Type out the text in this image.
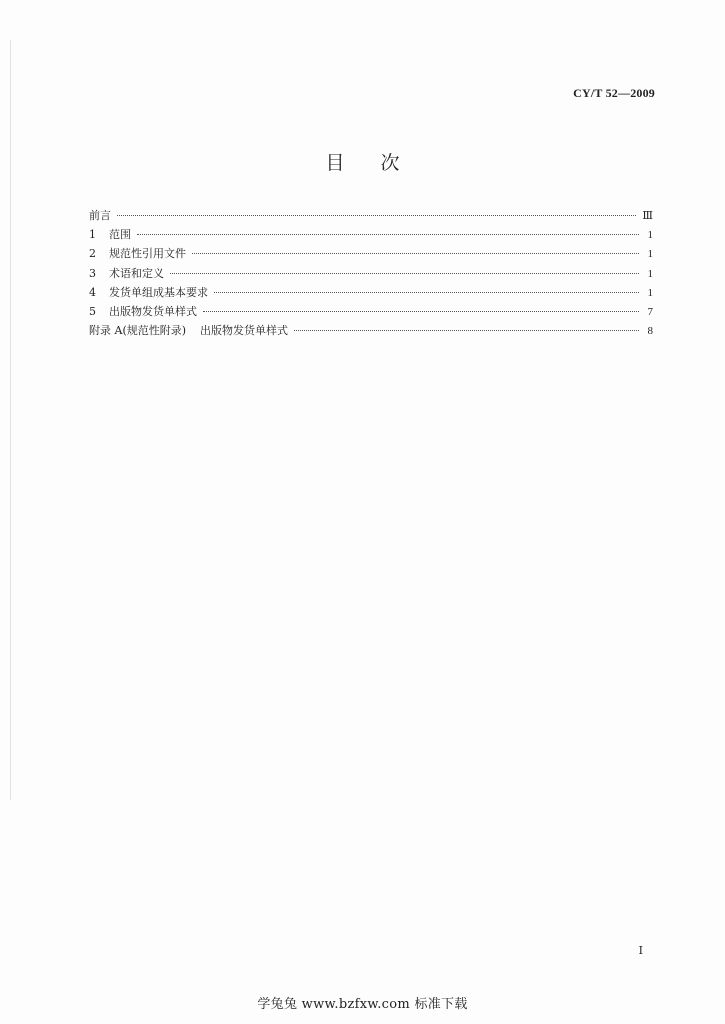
CY/T 52—2009
目次
前言	Ⅲ
1	范围	1
2	规范性引用文件	1
3	术语和定义	1
4	发货单组成基本要求	1
5	出版物发货单样式	7
附录 A(规范性附录) 出版物发货单样式	8
Ⅰ
学兔兔 www.bzfxw.com 标准下载
